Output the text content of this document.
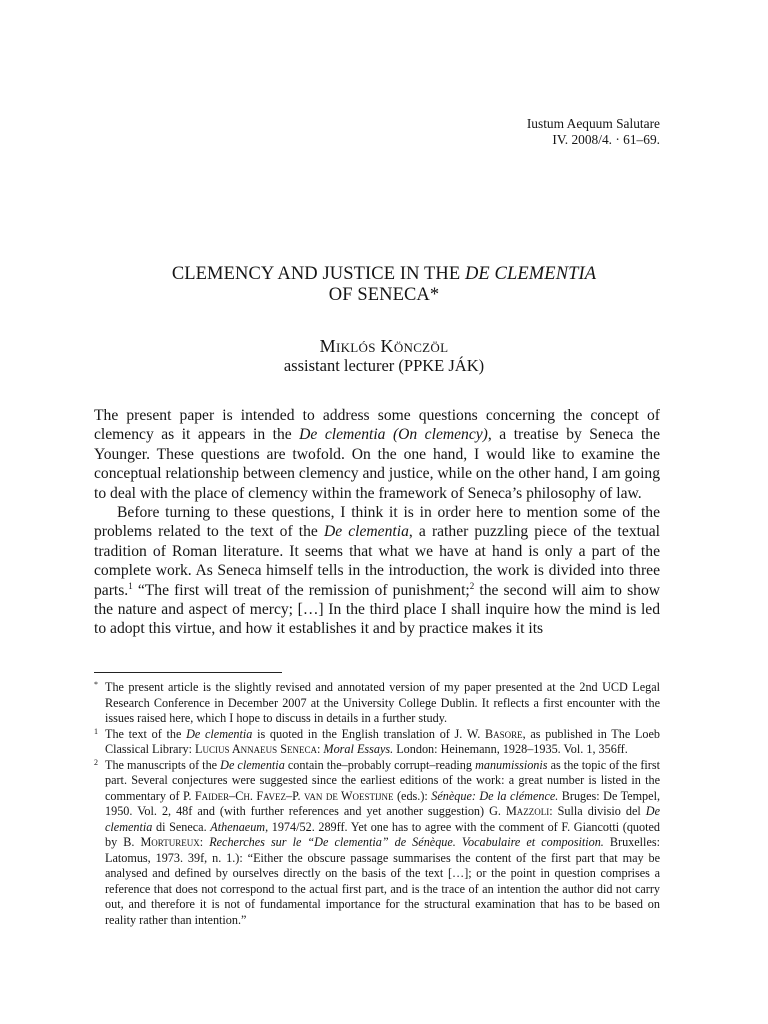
Iustum Aequum Salutare
IV. 2008/4. · 61–69.
CLEMENCY AND JUSTICE IN THE DE CLEMENTIA
OF SENECA*
Miklós Könczöl
assistant lecturer (PPKE JÁK)

The present paper is intended to address some questions concerning the concept of clemency as it appears in the De clementia (On clemency), a treatise by Seneca the Younger. These questions are twofold. On the one hand, I would like to examine the conceptual relationship between clemency and justice, while on the other hand, I am going to deal with the place of clemency within the framework of Seneca’s philosophy of law.

Before turning to these questions, I think it is in order here to mention some of the problems related to the text of the De clementia, a rather puzzling piece of the textual tradition of Roman literature. It seems that what we have at hand is only a part of the complete work. As Seneca himself tells in the introduction, the work is divided into three parts.$^1$ “The first will treat of the remission of punishment;$^2$ the second will aim to show the nature and aspect of mercy; […] In the third place I shall inquire how the mind is led to adopt this virtue, and how it establishes it and by practice makes it its

* The present article is the slightly revised and annotated version of my paper presented at the 2nd UCD Legal Research Conference in December 2007 at the University College Dublin. It reflects a first encounter with the issues raised here, which I hope to discuss in details in a further study.

1 The text of the De clementia is quoted in the English translation of J. W. Basore, as published in The Loeb Classical Library: Lucius Annaeus Seneca: Moral Essays. London: Heinemann, 1928–1935. Vol. 1, 356ff.

2 The manuscripts of the De clementia contain the–probably corrupt–reading manumissionis as the topic of the first part. Several conjectures were suggested since the earliest editions of the work: a great number is listed in the commentary of P. Faider–Ch. Favez–P. van de Woestijne (eds.): Sénèque: De la clémence. Bruges: De Tempel, 1950. Vol. 2, 48f and (with further references and yet another suggestion) G. Mazzoli: Sulla divisio del De clementia di Seneca. Athenaeum, 1974/52. 289ff. Yet one has to agree with the comment of F. Giancotti (quoted by B. Mortureux: Recherches sur le “De clementia” de Sénèque. Vocabulaire et composition. Bruxelles: Latomus, 1973. 39f, n. 1.): “Either the obscure passage summarises the content of the first part that may be analysed and defined by ourselves directly on the basis of the text […]; or the point in question comprises a reference that does not correspond to the actual first part, and is the trace of an intention the author did not carry out, and therefore it is not of fundamental importance for the structural examination that has to be based on reality rather than intention.”
